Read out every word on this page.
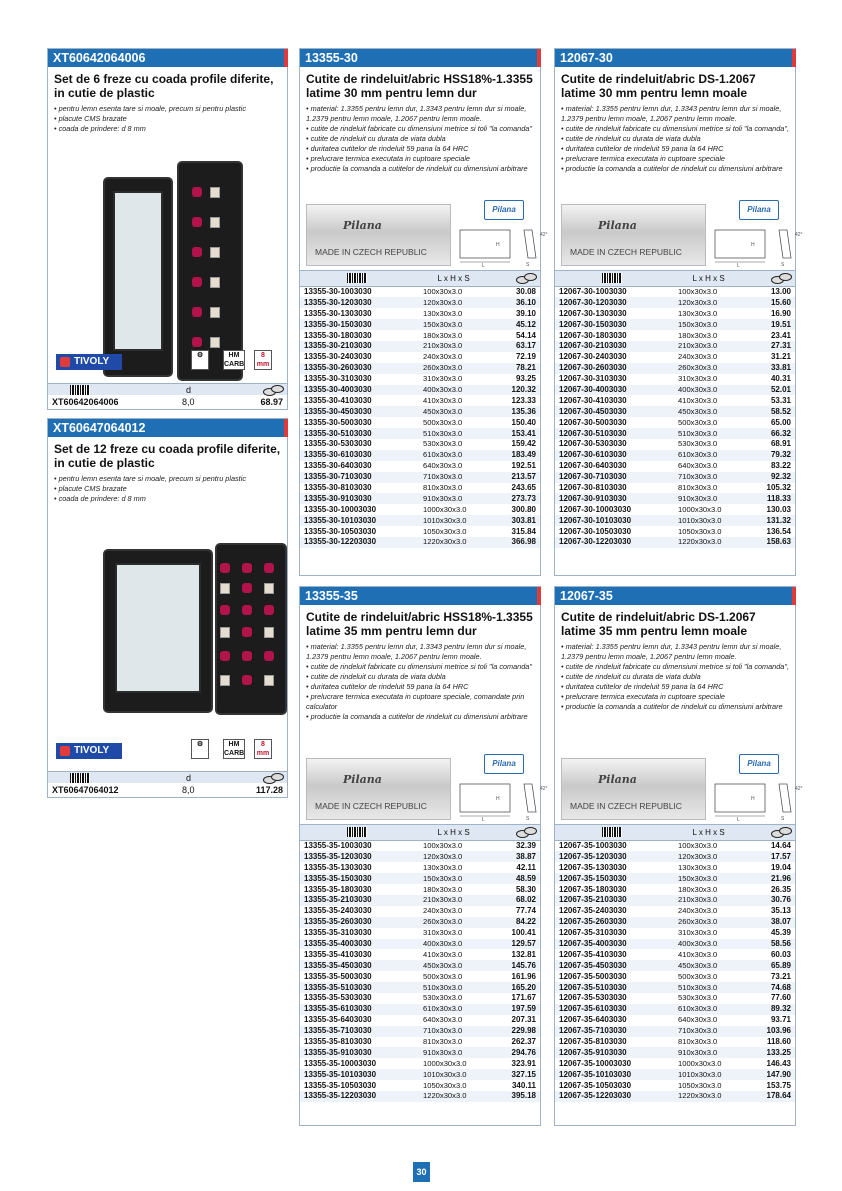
XT60642064006
Set de 6 freze cu coada profile diferite, in cutie de plastic
• pentru lemn esenta tare si moale, precum si pentru plastic
• placute CMS brazate
• coada de prindere: d 8 mm
TIVOLY
⚙	HM CARB
8 mm
d
XT60642064006	8,0	68.97
XT60647064012
Set de 12 freze cu coada profile diferite, in cutie de plastic
• pentru lemn esenta tare si moale, precum si pentru plastic
• placute CMS brazate
• coada de prindere: d 8 mm
TIVOLY
⚙	HM CARB
8 mm
d
XT60647064012	8,0	117.28
13355-30
Cutite de rindeluit/abric HSS18%-1.3355 latime 30 mm pentru lemn dur
• material: 1.3355 pentru lemn dur, 1.3343 pentru lemn dur si moale, 1.2379 pentru lemn moale, 1.2067 pentru lemn moale.
• cutite de rindeluit fabricate cu dimensiuni metrice si toli "la comanda"
• cutite de rindeluit cu durata de viata dubla
• duritatea cutitelor de rindeluit 59 pana la 64 HRC
• prelucrare termica executata in cuptoare speciale
• productie la comanda a cutitelor de rindeluit cu dimensiuni arbitrare
Pilana
MADE IN CZECH REPUBLIC
Pilana
L
H
42°
S
	L x H x S	
13355-30-1003030	100x30x3.0	30.08
13355-30-1203030	120x30x3.0	36.10
13355-30-1303030	130x30x3.0	39.10
13355-30-1503030	150x30x3.0	45.12
13355-30-1803030	180x30x3.0	54.14
13355-30-2103030	210x30x3.0	63.17
13355-30-2403030	240x30x3.0	72.19
13355-30-2603030	260x30x3.0	78.21
13355-30-3103030	310x30x3.0	93.25
13355-30-4003030	400x30x3.0	120.32
13355-30-4103030	410x30x3.0	123.33
13355-30-4503030	450x30x3.0	135.36
13355-30-5003030	500x30x3.0	150.40
13355-30-5103030	510x30x3.0	153.41
13355-30-5303030	530x30x3.0	159.42
13355-30-6103030	610x30x3.0	183.49
13355-30-6403030	640x30x3.0	192.51
13355-30-7103030	710x30x3.0	213.57
13355-30-8103030	810x30x3.0	243.65
13355-30-9103030	910x30x3.0	273.73
13355-30-10003030	1000x30x3.0	300.80
13355-30-10103030	1010x30x3.0	303.81
13355-30-10503030	1050x30x3.0	315.84
13355-30-12203030	1220x30x3.0	366.98
12067-30
Cutite de rindeluit/abric DS-1.2067 latime 30 mm pentru lemn moale
• material: 1.3355 pentru lemn dur, 1.3343 pentru lemn dur si moale, 1.2379 pentru lemn moale, 1.2067 pentru lemn moale.
• cutite de rindeluit fabricate cu dimensiuni metrice si toli "la comanda",
• cutite de rindeluit cu durata de viata dubla
• duritatea cutitelor de rindeluit 59 pana la 64 HRC
• prelucrare termica executata in cuptoare speciale
• productie la comanda a cutitelor de rindeluit cu dimensiuni arbitrare
Pilana
MADE IN CZECH REPUBLIC
Pilana
L
H
42°
S
	L x H x S	
12067-30-1003030	100x30x3.0	13.00
12067-30-1203030	120x30x3.0	15.60
12067-30-1303030	130x30x3.0	16.90
12067-30-1503030	150x30x3.0	19.51
12067-30-1803030	180x30x3.0	23.41
12067-30-2103030	210x30x3.0	27.31
12067-30-2403030	240x30x3.0	31.21
12067-30-2603030	260x30x3.0	33.81
12067-30-3103030	310x30x3.0	40.31
12067-30-4003030	400x30x3.0	52.01
12067-30-4103030	410x30x3.0	53.31
12067-30-4503030	450x30x3.0	58.52
12067-30-5003030	500x30x3.0	65.00
12067-30-5103030	510x30x3.0	66.32
12067-30-5303030	530x30x3.0	68.91
12067-30-6103030	610x30x3.0	79.32
12067-30-6403030	640x30x3.0	83.22
12067-30-7103030	710x30x3.0	92.32
12067-30-8103030	810x30x3.0	105.32
12067-30-9103030	910x30x3.0	118.33
12067-30-10003030	1000x30x3.0	130.03
12067-30-10103030	1010x30x3.0	131.32
12067-30-10503030	1050x30x3.0	136.54
12067-30-12203030	1220x30x3.0	158.63
13355-35
Cutite de rindeluit/abric HSS18%-1.3355 latime 35 mm pentru lemn dur
• material: 1.3355 pentru lemn dur, 1.3343 pentru lemn dur si moale, 1.2379 pentru lemn moale, 1.2067 pentru lemn moale.
• cutite de rindeluit fabricate cu dimensiuni metrice si toli "la comanda"
• cutite de rindeluit cu durata de viata dubla
• duritatea cutitelor de rindeluit 59 pana la 64 HRC
• prelucrare termica executata in cuptoare speciale, comandate prin calculator
• productie la comanda a cutitelor de rindeluit cu dimensiuni arbitrare
Pilana
MADE IN CZECH REPUBLIC
Pilana
L
H
42°
S
	L x H x S	
13355-35-1003030	100x30x3.0	32.39
13355-35-1203030	120x30x3.0	38.87
13355-35-1303030	130x30x3.0	42.11
13355-35-1503030	150x30x3.0	48.59
13355-35-1803030	180x30x3.0	58.30
13355-35-2103030	210x30x3.0	68.02
13355-35-2403030	240x30x3.0	77.74
13355-35-2603030	260x30x3.0	84.22
13355-35-3103030	310x30x3.0	100.41
13355-35-4003030	400x30x3.0	129.57
13355-35-4103030	410x30x3.0	132.81
13355-35-4503030	450x30x3.0	145.76
13355-35-5003030	500x30x3.0	161.96
13355-35-5103030	510x30x3.0	165.20
13355-35-5303030	530x30x3.0	171.67
13355-35-6103030	610x30x3.0	197.59
13355-35-6403030	640x30x3.0	207.31
13355-35-7103030	710x30x3.0	229.98
13355-35-8103030	810x30x3.0	262.37
13355-35-9103030	910x30x3.0	294.76
13355-35-10003030	1000x30x3.0	323.91
13355-35-10103030	1010x30x3.0	327.15
13355-35-10503030	1050x30x3.0	340.11
13355-35-12203030	1220x30x3.0	395.18
12067-35
Cutite de rindeluit/abric DS-1.2067 latime 35 mm pentru lemn moale
• material: 1.3355 pentru lemn dur, 1.3343 pentru lemn dur si moale, 1.2379 pentru lemn moale, 1.2067 pentru lemn moale.
• cutite de rindeluit fabricate cu dimensiuni metrice si toli "la comanda",
• cutite de rindeluit cu durata de viata dubla
• duritatea cutitelor de rindeluit 59 pana la 64 HRC
• prelucrare termica executata in cuptoare speciale
• productie la comanda a cutitelor de rindeluit cu dimensiuni arbitrare
Pilana
MADE IN CZECH REPUBLIC
Pilana
L
H
42°
S
	L x H x S	
12067-35-1003030	100x30x3.0	14.64
12067-35-1203030	120x30x3.0	17.57
12067-35-1303030	130x30x3.0	19.04
12067-35-1503030	150x30x3.0	21.96
12067-35-1803030	180x30x3.0	26.35
12067-35-2103030	210x30x3.0	30.76
12067-35-2403030	240x30x3.0	35.13
12067-35-2603030	260x30x3.0	38.07
12067-35-3103030	310x30x3.0	45.39
12067-35-4003030	400x30x3.0	58.56
12067-35-4103030	410x30x3.0	60.03
12067-35-4503030	450x30x3.0	65.89
12067-35-5003030	500x30x3.0	73.21
12067-35-5103030	510x30x3.0	74.68
12067-35-5303030	530x30x3.0	77.60
12067-35-6103030	610x30x3.0	89.32
12067-35-6403030	640x30x3.0	93.71
12067-35-7103030	710x30x3.0	103.96
12067-35-8103030	810x30x3.0	118.60
12067-35-9103030	910x30x3.0	133.25
12067-35-10003030	1000x30x3.0	146.43
12067-35-10103030	1010x30x3.0	147.90
12067-35-10503030	1050x30x3.0	153.75
12067-35-12203030	1220x30x3.0	178.64
30
